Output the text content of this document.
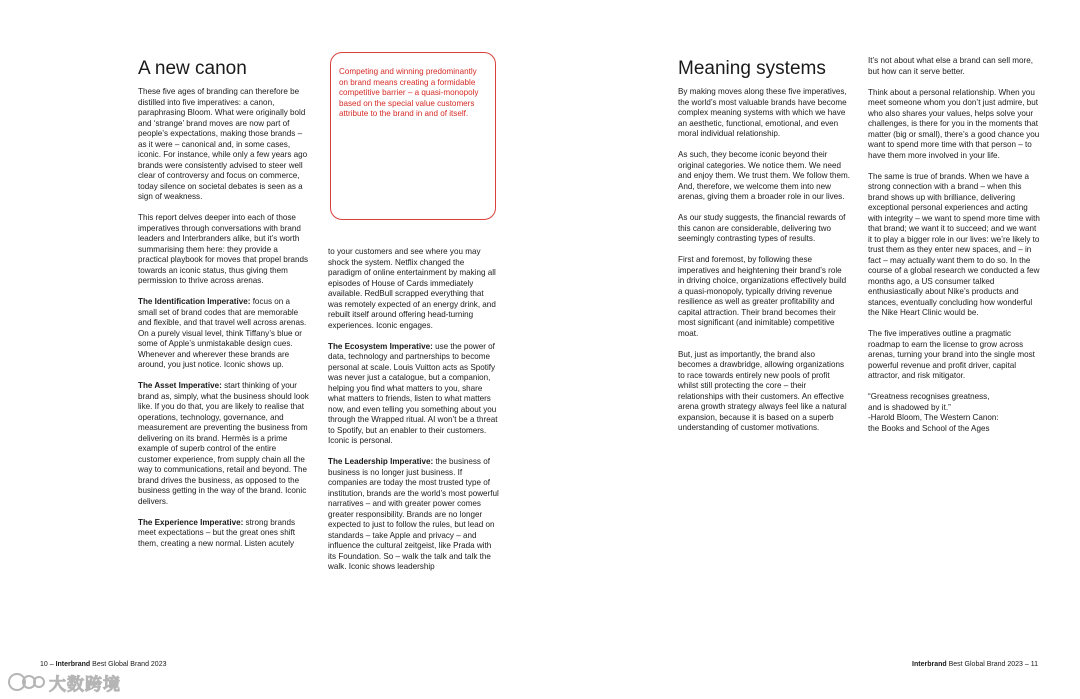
A new canon

These five ages of branding can therefore be distilled into five imperatives: a canon, paraphrasing Bloom. What were originally bold and ‘strange’ brand moves are now part of people’s expectations, making those brands – as it were – canonical and, in some cases, iconic. For instance, while only a few years ago brands were consistently advised to steer well clear of controversy and focus on commerce, today silence on societal debates is seen as a sign of weakness.

This report delves deeper into each of those imperatives through conversations with brand leaders and Interbranders alike, but it’s worth summarising them here: they provide a practical playbook for moves that propel brands towards an iconic status, thus giving them permission to thrive across arenas.

The Identification Imperative: focus on a small set of brand codes that are memorable and flexible, and that travel well across arenas. On a purely visual level, think Tiffany’s blue or some of Apple’s unmistakable design cues. Whenever and wherever these brands are around, you just notice. Iconic shows up.

The Asset Imperative: start thinking of your brand as, simply, what the business should look like. If you do that, you are likely to realise that operations, technology, governance, and measurement are preventing the business from delivering on its brand. Hermès is a prime example of superb control of the entire customer experience, from supply chain all the way to communications, retail and beyond. The brand drives the business, as opposed to the business getting in the way of the brand. Iconic delivers.

The Experience Imperative: strong brands meet expectations – but the great ones shift them, creating a new normal. Listen acutely

Competing and winning predominantly on brand means creating a formidable competitive barrier – a quasi-monopoly based on the special value customers attribute to the brand in and of itself.

to your customers and see where you may shock the system. Netflix changed the paradigm of online entertainment by making all episodes of House of Cards immediately available. RedBull scrapped everything that was remotely expected of an energy drink, and rebuilt itself around offering head-turning experiences. Iconic engages.

The Ecosystem Imperative: use the power of data, technology and partnerships to become personal at scale. Louis Vuitton acts as Spotify was never just a catalogue, but a companion, helping you find what matters to you, share what matters to friends, listen to what matters now, and even telling you something about you through the Wrapped ritual. AI won’t be a threat to Spotify, but an enabler to their customers. Iconic is personal.

The Leadership Imperative: the business of business is no longer just business. If companies are today the most trusted type of institution, brands are the world’s most powerful narratives – and with greater power comes greater responsibility. Brands are no longer expected to just to follow the rules, but lead on standards – take Apple and privacy – and influence the cultural zeitgeist, like Prada with its Foundation. So – walk the talk and talk the walk. Iconic shows leadership

10 – Interbrand Best Global Brand 2023
Meaning systems

By making moves along these five imperatives, the world’s most valuable brands have become complex meaning systems with which we have an aesthetic, functional, emotional, and even moral individual relationship.

As such, they become iconic beyond their original categories. We notice them. We need and enjoy them. We trust them. We follow them. And, therefore, we welcome them into new arenas, giving them a broader role in our lives.

As our study suggests, the financial rewards of this canon are considerable, delivering two seemingly contrasting types of results.

First and foremost, by following these imperatives and heightening their brand’s role in driving choice, organizations effectively build a quasi-monopoly, typically driving revenue resilience as well as greater profitability and capital attraction. Their brand becomes their most significant (and inimitable) competitive moat.

But, just as importantly, the brand also becomes a drawbridge, allowing organizations to race towards entirely new pools of profit whilst still protecting the core – their relationships with their customers. An effective arena growth strategy always feel like a natural expansion, because it is based on a superb understanding of customer motivations.

It’s not about what else a brand can sell more, but how can it serve better.

Think about a personal relationship. When you meet someone whom you don’t just admire, but who also shares your values, helps solve your challenges, is there for you in the moments that matter (big or small), there’s a good chance you want to spend more time with that person – to have them more involved in your life.

The same is true of brands. When we have a strong connection with a brand – when this brand shows up with brilliance, delivering exceptional personal experiences and acting with integrity – we want to spend more time with that brand; we want it to succeed; and we want it to play a bigger role in our lives: we’re likely to trust them as they enter new spaces, and – in fact – may actually want them to do so. In the course of a global research we conducted a few months ago, a US consumer talked enthusiastically about Nike’s products and stances, eventually concluding how wonderful the Nike Heart Clinic would be.

The five imperatives outline a pragmatic roadmap to earn the license to grow across arenas, turning your brand into the single most powerful revenue and profit driver, capital attractor, and risk mitigator.

“Greatness recognises greatness,
and is shadowed by it.”
-Harold Bloom, The Western Canon:
the Books and School of the Ages

Interbrand Best Global Brand 2023 – 11
大数跨境
